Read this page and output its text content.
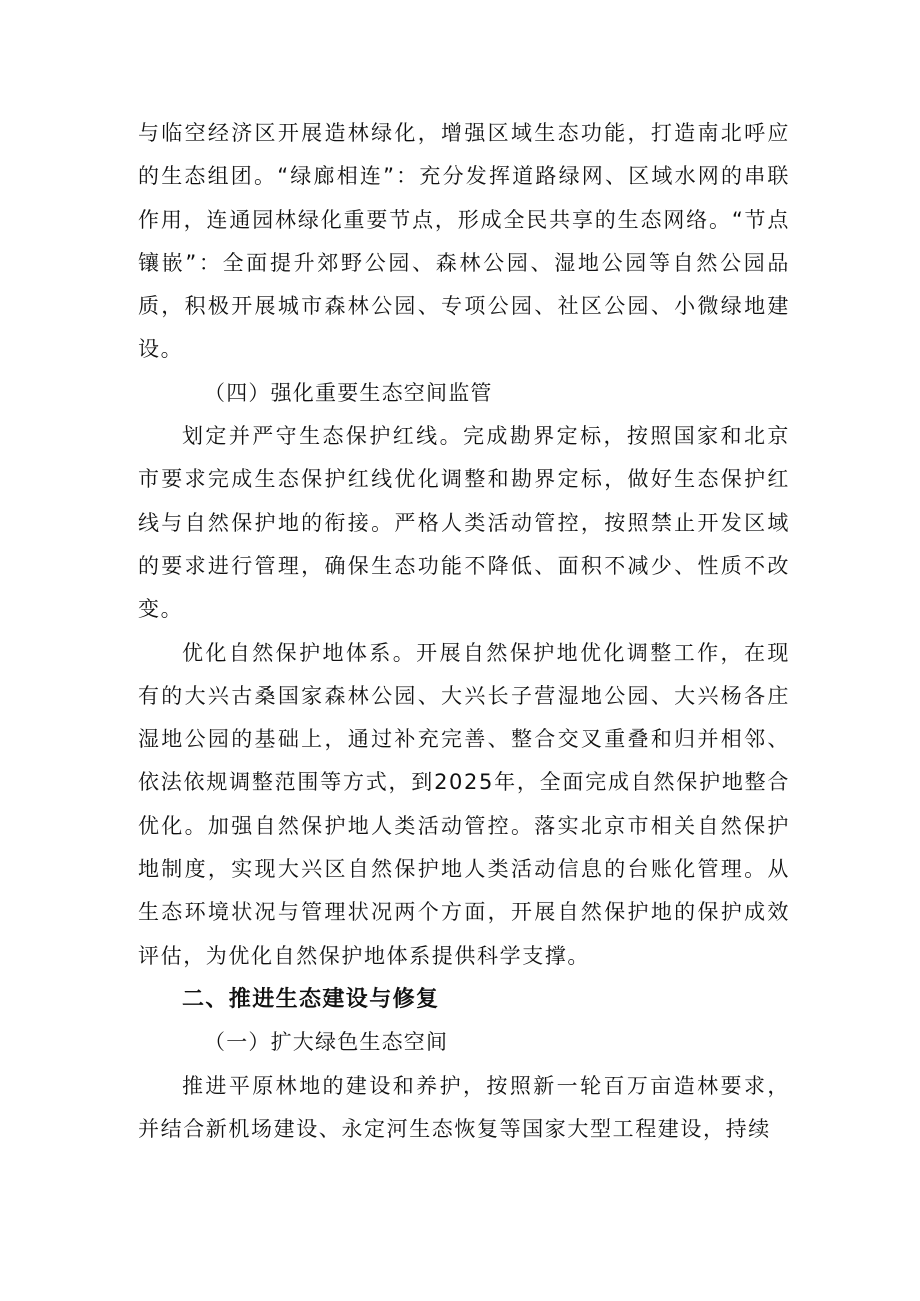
与临空经济区开展造林绿化，增强区域生态功能，打造南北呼应的生态组团。“绿廊相连”：充分发挥道路绿网、区域水网的串联作用，连通园林绿化重要节点，形成全民共享的生态网络。“节点镶嵌”：全面提升郊野公园、森林公园、湿地公园等自然公园品质，积极开展城市森林公园、专项公园、社区公园、小微绿地建设。

（四）强化重要生态空间监管

划定并严守生态保护红线。完成勘界定标，按照国家和北京市要求完成生态保护红线优化调整和勘界定标，做好生态保护红线与自然保护地的衔接。严格人类活动管控，按照禁止开发区域的要求进行管理，确保生态功能不降低、面积不减少、性质不改变。

优化自然保护地体系。开展自然保护地优化调整工作，在现有的大兴古桑国家森林公园、大兴长子营湿地公园、大兴杨各庄湿地公园的基础上，通过补充完善、整合交叉重叠和归并相邻、依法依规调整范围等方式，到2025年，全面完成自然保护地整合优化。加强自然保护地人类活动管控。落实北京市相关自然保护地制度，实现大兴区自然保护地人类活动信息的台账化管理。从生态环境状况与管理状况两个方面，开展自然保护地的保护成效评估，为优化自然保护地体系提供科学支撑。

二、推进生态建设与修复

（一）扩大绿色生态空间

推进平原林地的建设和养护，按照新一轮百万亩造林要求，并结合新机场建设、永定河生态恢复等国家大型工程建设，持续
